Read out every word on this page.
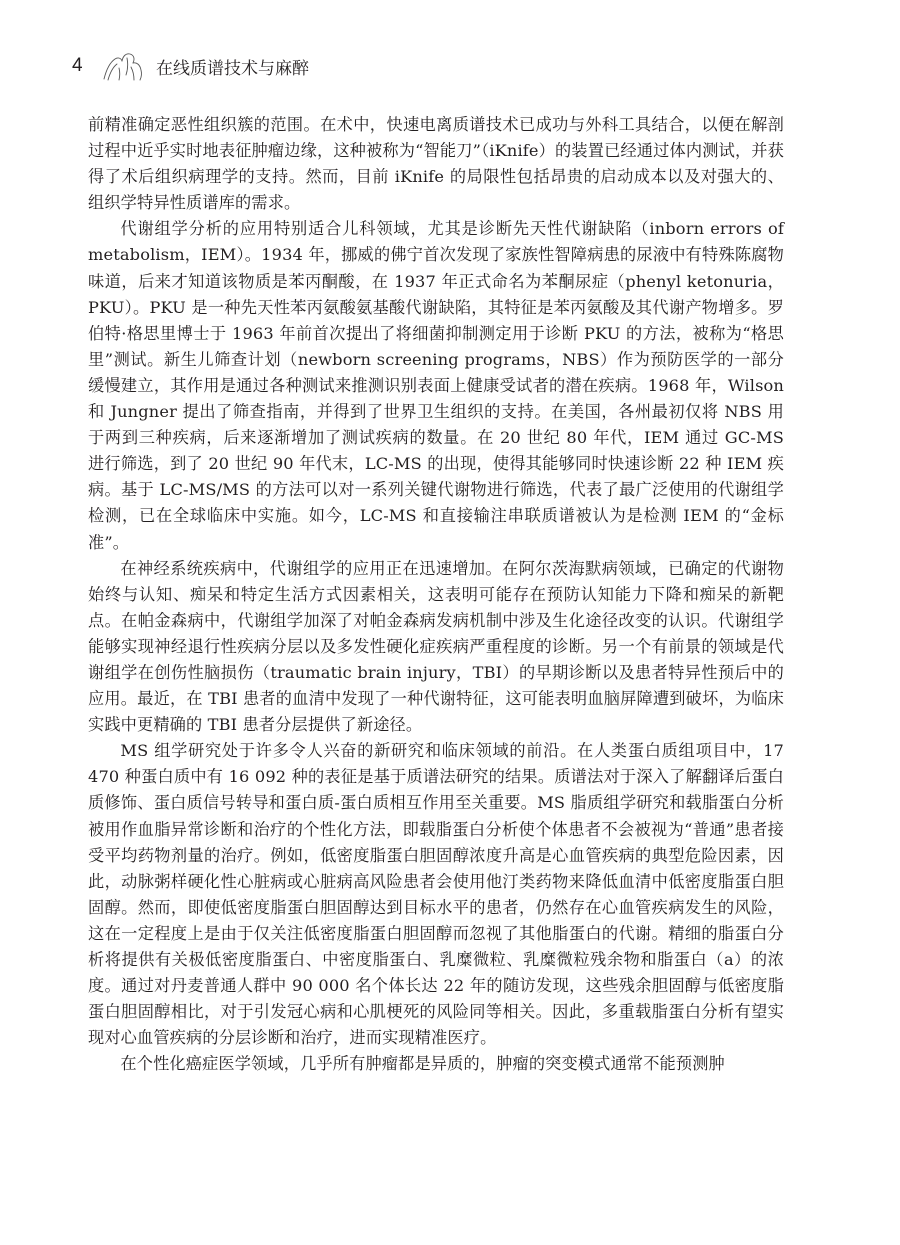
4	在线质谱技术与麻醉

前精准确定恶性组织簇的范围。在术中，快速电离质谱技术已成功与外科工具结合，以便在解剖过程中近乎实时地表征肿瘤边缘，这种被称为“智能刀”（iKnife）的装置已经通过体内测试，并获得了术后组织病理学的支持。然而，目前 iKnife 的局限性包括昂贵的启动成本以及对强大的、组织学特异性质谱库的需求。

代谢组学分析的应用特别适合儿科领域，尤其是诊断先天性代谢缺陷（inborn errors of metabolism，IEM）。1934 年，挪威的佛宁首次发现了家族性智障病患的尿液中有特殊陈腐物味道，后来才知道该物质是苯丙酮酸，在 1937 年正式命名为苯酮尿症（phenyl ketonuria，PKU）。PKU 是一种先天性苯丙氨酸氨基酸代谢缺陷，其特征是苯丙氨酸及其代谢产物增多。罗伯特·格思里博士于 1963 年前首次提出了将细菌抑制测定用于诊断 PKU 的方法，被称为“格思里”测试。新生儿筛查计划（newborn screening programs，NBS）作为预防医学的一部分缓慢建立，其作用是通过各种测试来推测识别表面上健康受试者的潜在疾病。1968 年，Wilson 和 Jungner 提出了筛查指南，并得到了世界卫生组织的支持。在美国，各州最初仅将 NBS 用于两到三种疾病，后来逐渐增加了测试疾病的数量。在 20 世纪 80 年代，IEM 通过 GC-MS 进行筛选，到了 20 世纪 90 年代末，LC-MS 的出现，使得其能够同时快速诊断 22 种 IEM 疾病。基于 LC-MS/MS 的方法可以对一系列关键代谢物进行筛选，代表了最广泛使用的代谢组学检测，已在全球临床中实施。如今，LC-MS 和直接输注串联质谱被认为是检测 IEM 的“金标准”。

在神经系统疾病中，代谢组学的应用正在迅速增加。在阿尔茨海默病领域，已确定的代谢物始终与认知、痴呆和特定生活方式因素相关，这表明可能存在预防认知能力下降和痴呆的新靶点。在帕金森病中，代谢组学加深了对帕金森病发病机制中涉及生化途径改变的认识。代谢组学能够实现神经退行性疾病分层以及多发性硬化症疾病严重程度的诊断。另一个有前景的领域是代谢组学在创伤性脑损伤（traumatic brain injury，TBI）的早期诊断以及患者特异性预后中的应用。最近，在 TBI 患者的血清中发现了一种代谢特征，这可能表明血脑屏障遭到破坏，为临床实践中更精确的 TBI 患者分层提供了新途径。

MS 组学研究处于许多令人兴奋的新研究和临床领域的前沿。在人类蛋白质组项目中，17 470 种蛋白质中有 16 092 种的表征是基于质谱法研究的结果。质谱法对于深入了解翻译后蛋白质修饰、蛋白质信号转导和蛋白质-蛋白质相互作用至关重要。MS 脂质组学研究和载脂蛋白分析被用作血脂异常诊断和治疗的个性化方法，即载脂蛋白分析使个体患者不会被视为“普通”患者接受平均药物剂量的治疗。例如，低密度脂蛋白胆固醇浓度升高是心血管疾病的典型危险因素，因此，动脉粥样硬化性心脏病或心脏病高风险患者会使用他汀类药物来降低血清中低密度脂蛋白胆固醇。然而，即使低密度脂蛋白胆固醇达到目标水平的患者，仍然存在心血管疾病发生的风险，这在一定程度上是由于仅关注低密度脂蛋白胆固醇而忽视了其他脂蛋白的代谢。精细的脂蛋白分析将提供有关极低密度脂蛋白、中密度脂蛋白、乳糜微粒、乳糜微粒残余物和脂蛋白（a）的浓度。通过对丹麦普通人群中 90 000 名个体长达 22 年的随访发现，这些残余胆固醇与低密度脂蛋白胆固醇相比，对于引发冠心病和心肌梗死的风险同等相关。因此，多重载脂蛋白分析有望实现对心血管疾病的分层诊断和治疗，进而实现精准医疗。

在个性化癌症医学领域，几乎所有肿瘤都是异质的，肿瘤的突变模式通常不能预测肿
